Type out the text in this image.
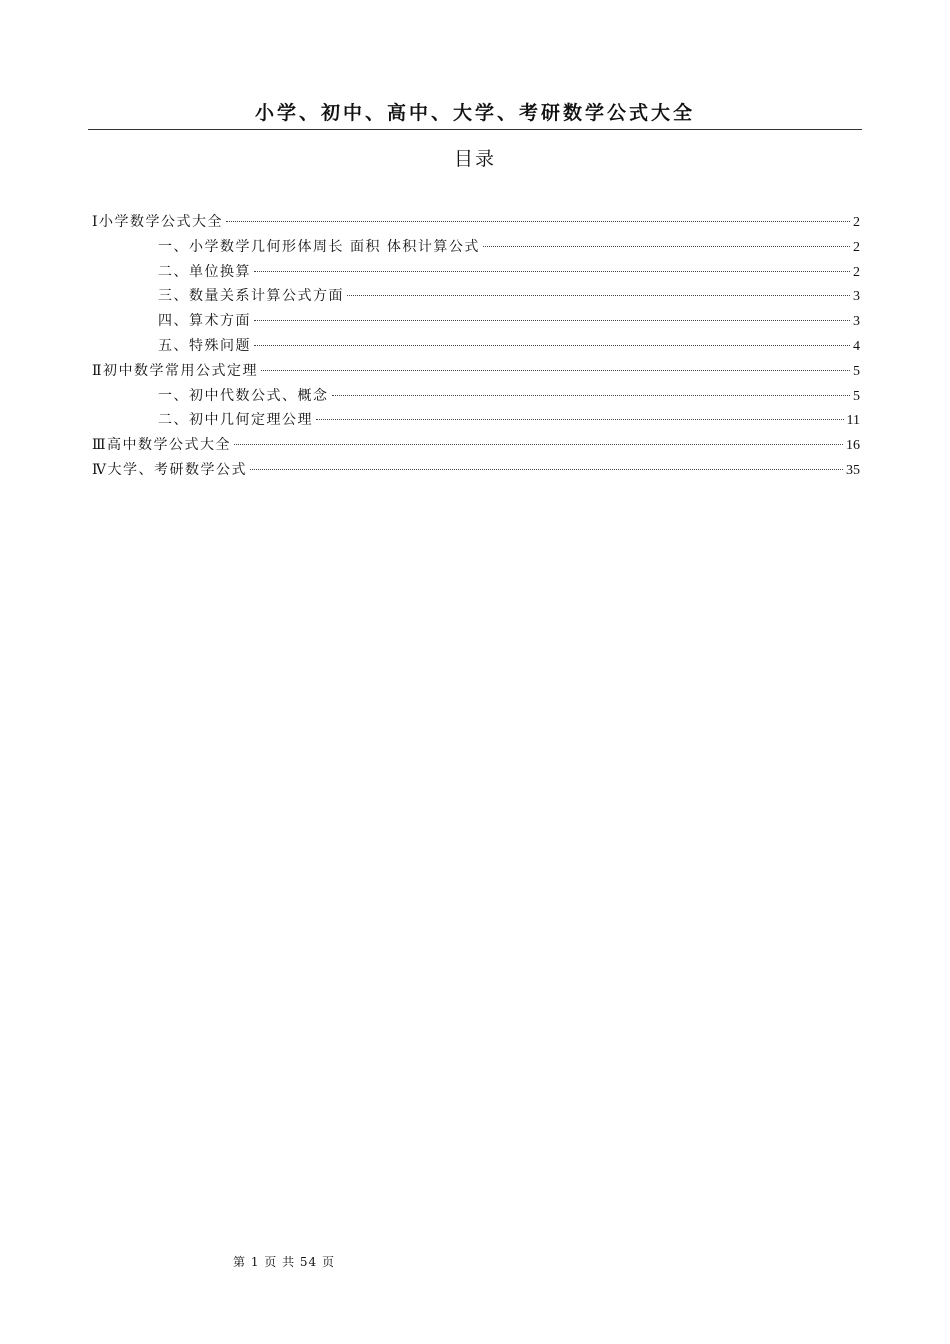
小学、初中、高中、大学、考研数学公式大全
目录
Ⅰ小学数学公式大全	2
一、小学数学几何形体周长 面积 体积计算公式	2
二、单位换算	2
三、数量关系计算公式方面	3
四、算术方面	3
五、特殊问题	4
Ⅱ初中数学常用公式定理	5
一、初中代数公式、概念	5
二、初中几何定理公理	11
Ⅲ高中数学公式大全	16
Ⅳ大学、考研数学公式	35
第 1 页 共 54 页
